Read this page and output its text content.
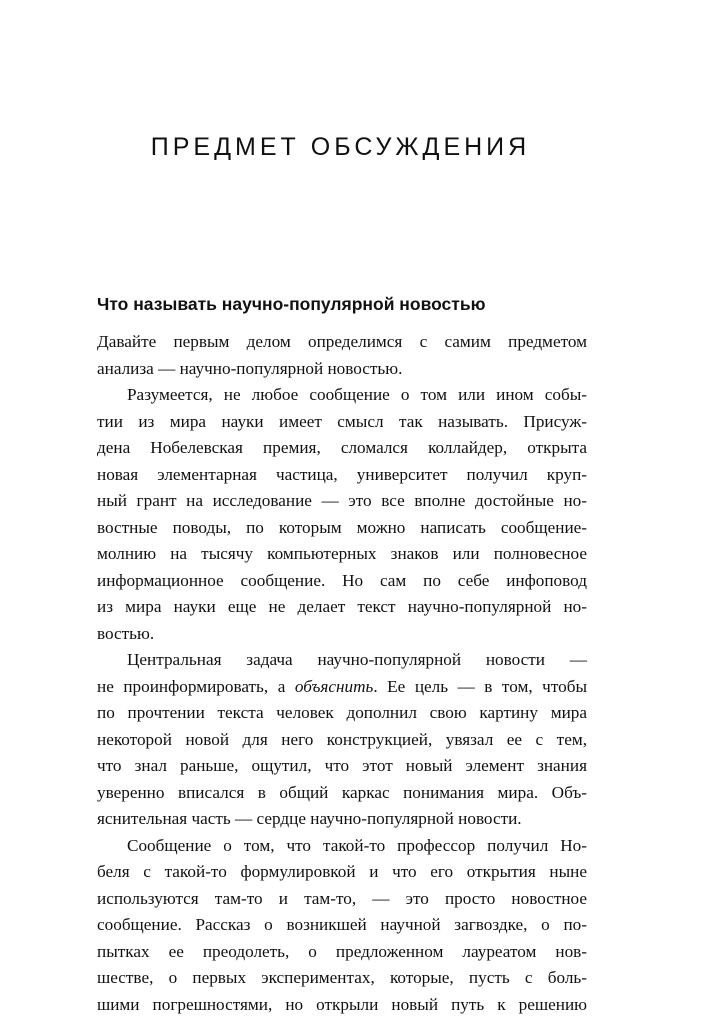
ПРЕДМЕТ ОБСУЖДЕНИЯ
Что называть научно-популярной новостью

Давайте первым делом определимся с самим предметом
анализа — научно-популярной новостью.

Разумеется, не любое сообщение о том или ином собы-
тии из мира науки имеет смысл так называть. Присуж-
дена Нобелевская премия, сломался коллайдер, открыта
новая элементарная частица, университет получил круп-
ный грант на исследование — это все вполне достойные но-
востные поводы, по которым можно написать сообщение-
молнию на тысячу компьютерных знаков или полновесное
информационное сообщение. Но сам по себе инфоповод
из мира науки еще не делает текст научно-популярной но-
востью.

Центральная задача научно-популярной новости —
не проинформировать, а объяснить. Ее цель — в том, чтобы
по прочтении текста человек дополнил свою картину мира
некоторой новой для него конструкцией, увязал ее с тем,
что знал раньше, ощутил, что этот новый элемент знания
уверенно вписался в общий каркас понимания мира. Объ-
яснительная часть — сердце научно-популярной новости.

Сообщение о том, что такой-то профессор получил Но-
беля с такой-то формулировкой и что его открытия ныне
используются там-то и там-то, — это просто новостное
сообщение. Рассказ о возникшей научной загвоздке, о по-
пытках ее преодолеть, о предложенном лауреатом нов-
шестве, о первых экспериментах, которые, пусть с боль-
шими погрешностями, но открыли новый путь к решению
